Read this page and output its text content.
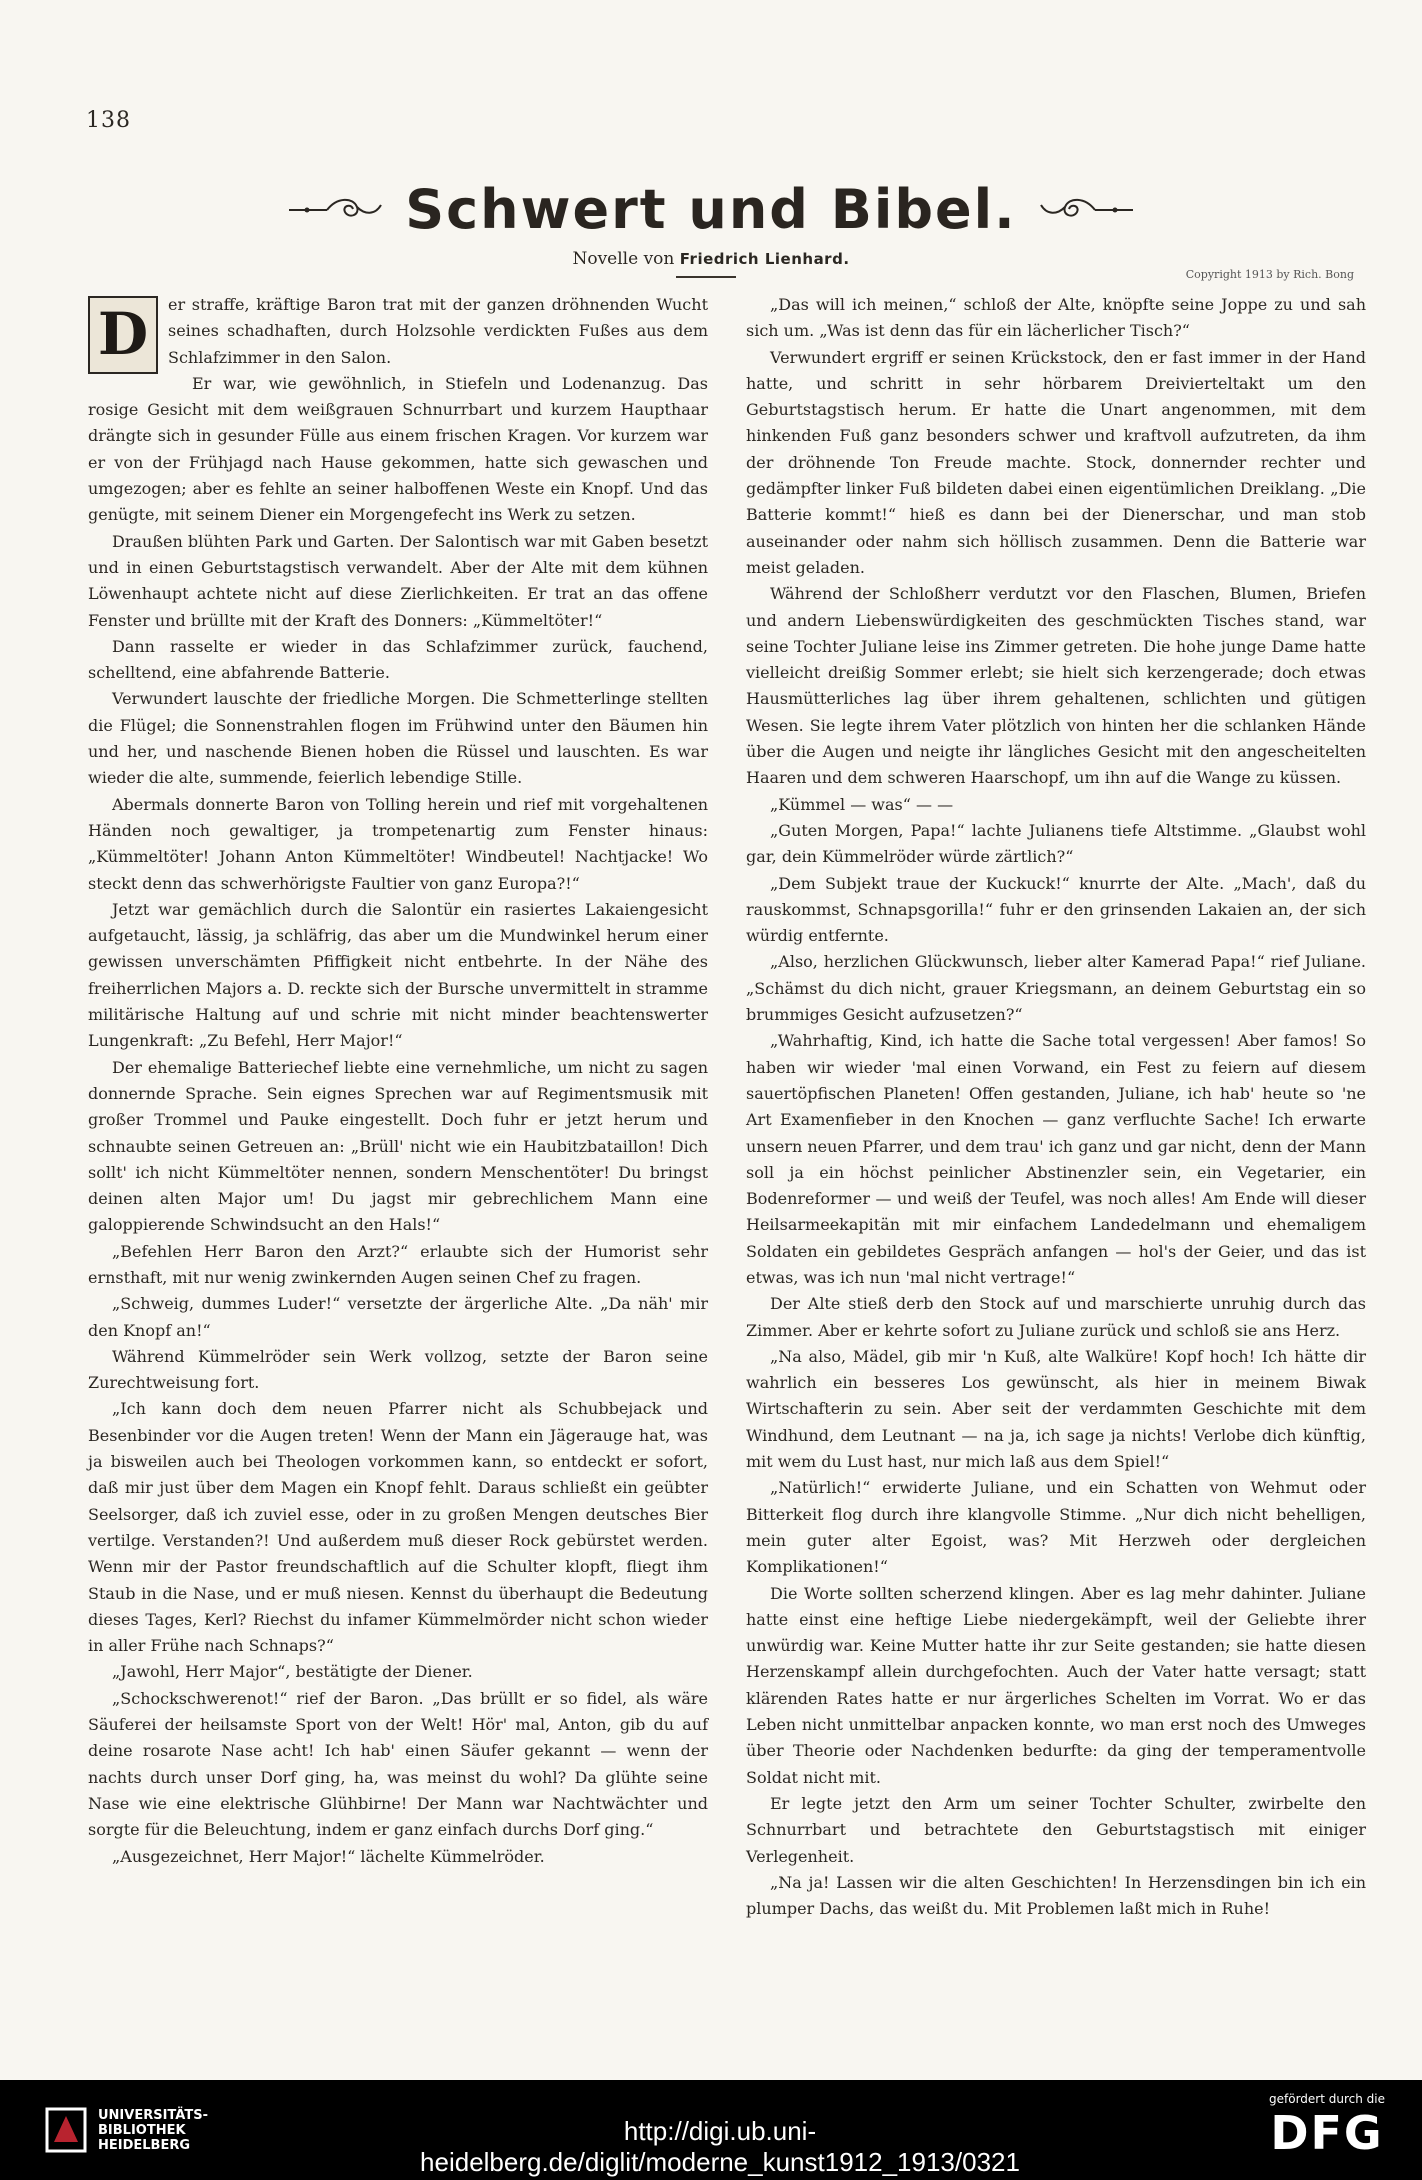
138
Schwert und Bibel.
Novelle von Friedrich Lienhard.
Copyright 1913 by Rich. Bong

D	er straffe, kräftige Baron trat mit der ganzen dröhnenden Wucht seines schadhaften, durch Holzsohle verdickten Fußes aus dem Schlafzimmer in den Salon.

Er war, wie gewöhnlich, in Stiefeln und Lodenanzug. Das rosige Gesicht mit dem weißgrauen Schnurrbart und kurzem Haupthaar drängte sich in gesunder Fülle aus einem frischen Kragen. Vor kurzem war er von der Frühjagd nach Hause gekommen, hatte sich gewaschen und umgezogen; aber es fehlte an seiner halboffenen Weste ein Knopf. Und das genügte, mit seinem Diener ein Morgengefecht ins Werk zu setzen.

Draußen blühten Park und Garten. Der Salontisch war mit Gaben besetzt und in einen Geburtstagstisch verwandelt. Aber der Alte mit dem kühnen Löwenhaupt achtete nicht auf diese Zierlichkeiten. Er trat an das offene Fenster und brüllte mit der Kraft des Donners: „Kümmeltöter!“

Dann rasselte er wieder in das Schlafzimmer zurück, fauchend, schelltend, eine abfahrende Batterie.

Verwundert lauschte der friedliche Morgen. Die Schmetterlinge stellten die Flügel; die Sonnenstrahlen flogen im Frühwind unter den Bäumen hin und her, und naschende Bienen hoben die Rüssel und lauschten. Es war wieder die alte, summende, feierlich lebendige Stille.

Abermals donnerte Baron von Tolling herein und rief mit vorgehaltenen Händen noch gewaltiger, ja trompetenartig zum Fenster hinaus: „Kümmeltöter! Johann Anton Kümmeltöter! Windbeutel! Nachtjacke! Wo steckt denn das schwerhörigste Faultier von ganz Europa?!“

Jetzt war gemächlich durch die Salontür ein rasiertes Lakaiengesicht aufgetaucht, lässig, ja schläfrig, das aber um die Mundwinkel herum einer gewissen unverschämten Pfiffigkeit nicht entbehrte. In der Nähe des freiherrlichen Majors a. D. reckte sich der Bursche unvermittelt in stramme militärische Haltung auf und schrie mit nicht minder beachtenswerter Lungenkraft: „Zu Befehl, Herr Major!“

Der ehemalige Batteriechef liebte eine vernehmliche, um nicht zu sagen donnernde Sprache. Sein eignes Sprechen war auf Regimentsmusik mit großer Trommel und Pauke eingestellt. Doch fuhr er jetzt herum und schnaubte seinen Getreuen an: „Brüll' nicht wie ein Haubitzbataillon! Dich sollt' ich nicht Kümmeltöter nennen, sondern Menschentöter! Du bringst deinen alten Major um! Du jagst mir gebrechlichem Mann eine galoppierende Schwindsucht an den Hals!“

„Befehlen Herr Baron den Arzt?“ erlaubte sich der Humorist sehr ernsthaft, mit nur wenig zwinkernden Augen seinen Chef zu fragen.

„Schweig, dummes Luder!“ versetzte der ärgerliche Alte. „Da näh' mir den Knopf an!“

Während Kümmelröder sein Werk vollzog, setzte der Baron seine Zurechtweisung fort.

„Ich kann doch dem neuen Pfarrer nicht als Schubbejack und Besenbinder vor die Augen treten! Wenn der Mann ein Jägerauge hat, was ja bisweilen auch bei Theologen vorkommen kann, so entdeckt er sofort, daß mir just über dem Magen ein Knopf fehlt. Daraus schließt ein geübter Seelsorger, daß ich zuviel esse, oder in zu großen Mengen deutsches Bier vertilge. Verstanden?! Und außerdem muß dieser Rock gebürstet werden. Wenn mir der Pastor freundschaftlich auf die Schulter klopft, fliegt ihm Staub in die Nase, und er muß niesen. Kennst du überhaupt die Bedeutung dieses Tages, Kerl? Riechst du infamer Kümmelmörder nicht schon wieder in aller Frühe nach Schnaps?“

„Jawohl, Herr Major“, bestätigte der Diener.

„Schockschwerenot!“ rief der Baron. „Das brüllt er so fidel, als wäre Säuferei der heilsamste Sport von der Welt! Hör' mal, Anton, gib du auf deine rosarote Nase acht! Ich hab' einen Säufer gekannt — wenn der nachts durch unser Dorf ging, ha, was meinst du wohl? Da glühte seine Nase wie eine elektrische Glühbirne! Der Mann war Nachtwächter und sorgte für die Beleuchtung, indem er ganz einfach durchs Dorf ging.“

„Ausgezeichnet, Herr Major!“ lächelte Kümmelröder.

„Das will ich meinen,“ schloß der Alte, knöpfte seine Joppe zu und sah sich um. „Was ist denn das für ein lächerlicher Tisch?“

Verwundert ergriff er seinen Krückstock, den er fast immer in der Hand hatte, und schritt in sehr hörbarem Dreivierteltakt um den Geburtstagstisch herum. Er hatte die Unart angenommen, mit dem hinkenden Fuß ganz besonders schwer und kraftvoll aufzutreten, da ihm der dröhnende Ton Freude machte. Stock, donnernder rechter und gedämpfter linker Fuß bildeten dabei einen eigentümlichen Dreiklang. „Die Batterie kommt!“ hieß es dann bei der Dienerschar, und man stob auseinander oder nahm sich höllisch zusammen. Denn die Batterie war meist geladen.

Während der Schloßherr verdutzt vor den Flaschen, Blumen, Briefen und andern Liebenswürdigkeiten des geschmückten Tisches stand, war seine Tochter Juliane leise ins Zimmer getreten. Die hohe junge Dame hatte vielleicht dreißig Sommer erlebt; sie hielt sich kerzengerade; doch etwas Hausmütterliches lag über ihrem gehaltenen, schlichten und gütigen Wesen. Sie legte ihrem Vater plötzlich von hinten her die schlanken Hände über die Augen und neigte ihr längliches Gesicht mit den angescheitelten Haaren und dem schweren Haarschopf, um ihn auf die Wange zu küssen.

„Kümmel — was“ — —

„Guten Morgen, Papa!“ lachte Julianens tiefe Altstimme. „Glaubst wohl gar, dein Kümmelröder würde zärtlich?“

„Dem Subjekt traue der Kuckuck!“ knurrte der Alte. „Mach', daß du rauskommst, Schnapsgorilla!“ fuhr er den grinsenden Lakaien an, der sich würdig entfernte.

„Also, herzlichen Glückwunsch, lieber alter Kamerad Papa!“ rief Juliane. „Schämst du dich nicht, grauer Kriegsmann, an deinem Geburtstag ein so brummiges Gesicht aufzusetzen?“

„Wahrhaftig, Kind, ich hatte die Sache total vergessen! Aber famos! So haben wir wieder 'mal einen Vorwand, ein Fest zu feiern auf diesem sauertöpfischen Planeten! Offen gestanden, Juliane, ich hab' heute so 'ne Art Examenfieber in den Knochen — ganz verfluchte Sache! Ich erwarte unsern neuen Pfarrer, und dem trau' ich ganz und gar nicht, denn der Mann soll ja ein höchst peinlicher Abstinenzler sein, ein Vegetarier, ein Bodenreformer — und weiß der Teufel, was noch alles! Am Ende will dieser Heilsarmeekapitän mit mir einfachem Landedelmann und ehemaligem Soldaten ein gebildetes Gespräch anfangen — hol's der Geier, und das ist etwas, was ich nun 'mal nicht vertrage!“

Der Alte stieß derb den Stock auf und marschierte unruhig durch das Zimmer. Aber er kehrte sofort zu Juliane zurück und schloß sie ans Herz.

„Na also, Mädel, gib mir 'n Kuß, alte Walküre! Kopf hoch! Ich hätte dir wahrlich ein besseres Los gewünscht, als hier in meinem Biwak Wirtschafterin zu sein. Aber seit der verdammten Geschichte mit dem Windhund, dem Leutnant — na ja, ich sage ja nichts! Verlobe dich künftig, mit wem du Lust hast, nur mich laß aus dem Spiel!“

„Natürlich!“ erwiderte Juliane, und ein Schatten von Wehmut oder Bitterkeit flog durch ihre klangvolle Stimme. „Nur dich nicht behelligen, mein guter alter Egoist, was? Mit Herzweh oder dergleichen Komplikationen!“

Die Worte sollten scherzend klingen. Aber es lag mehr dahinter. Juliane hatte einst eine heftige Liebe niedergekämpft, weil der Geliebte ihrer unwürdig war. Keine Mutter hatte ihr zur Seite gestanden; sie hatte diesen Herzenskampf allein durchgefochten. Auch der Vater hatte versagt; statt klärenden Rates hatte er nur ärgerliches Schelten im Vorrat. Wo er das Leben nicht unmittelbar anpacken konnte, wo man erst noch des Umweges über Theorie oder Nachdenken bedurfte: da ging der temperamentvolle Soldat nicht mit.

Er legte jetzt den Arm um seiner Tochter Schulter, zwirbelte den Schnurrbart und betrachtete den Geburtstagstisch mit einiger Verlegenheit.

„Na ja! Lassen wir die alten Geschichten! In Herzensdingen bin ich ein plumper Dachs, das weißt du. Mit Problemen laßt mich in Ruhe!

UNIVERSITÄTS-
BIBLIOTHEK
HEIDELBERG	http://digi.ub.uni-heidelberg.de/diglit/moderne_kunst1912_1913/0321
gefördert durch die
DFG
